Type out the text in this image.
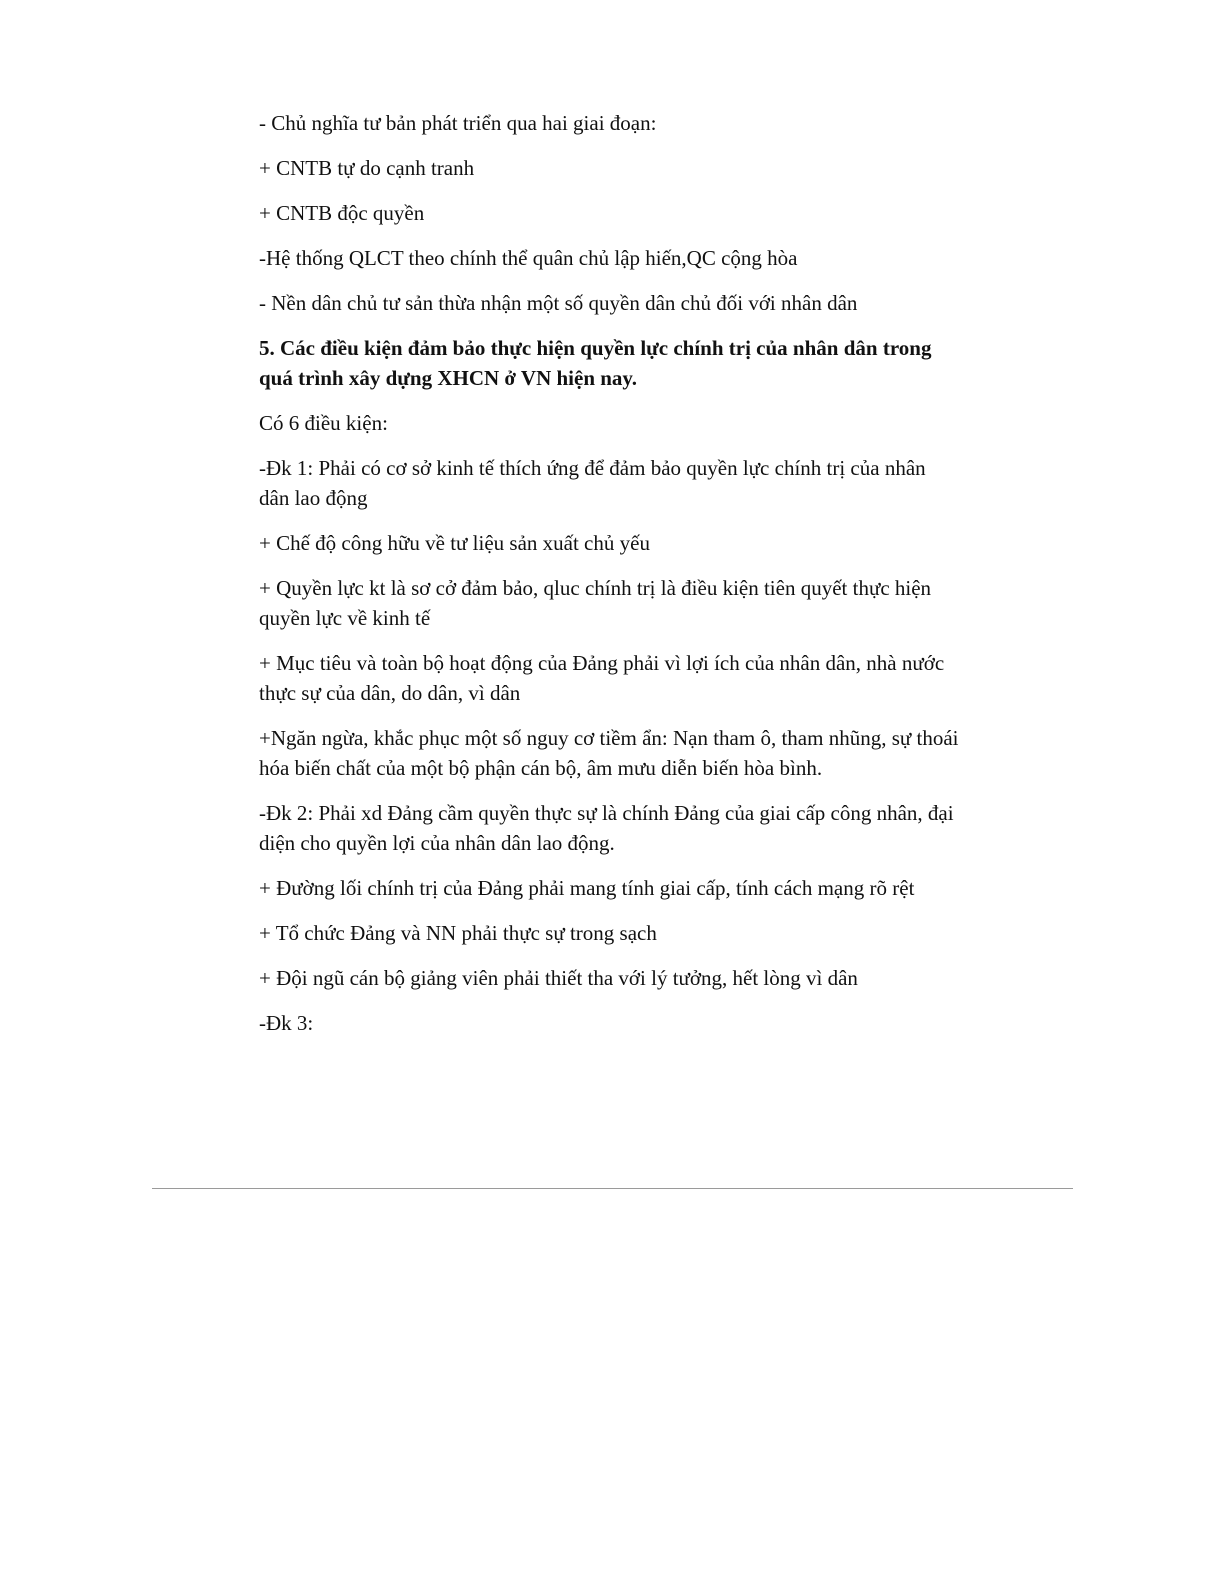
- Chủ nghĩa tư bản phát triển qua hai giai đoạn:

+ CNTB tự do cạnh tranh

+ CNTB độc quyền

-Hệ thống QLCT theo chính thể quân chủ lập hiến,QC cộng hòa

- Nền dân chủ tư sản thừa nhận một số quyền dân chủ đối với nhân dân

5. Các điều kiện đảm bảo thực hiện quyền lực chính trị của nhân dân trong quá trình xây dựng XHCN ở VN hiện nay.

Có 6 điều kiện:

-Đk 1: Phải có cơ sở kinh tế thích ứng để đảm bảo quyền lực chính trị của nhân dân lao động

+ Chế độ công hữu về tư liệu sản xuất chủ yếu

+ Quyền lực kt là sơ cở đảm bảo, qluc chính trị là điều kiện tiên quyết thực hiện quyền lực về kinh tế

+ Mục tiêu và toàn bộ hoạt động của Đảng phải vì lợi ích của nhân dân, nhà nước thực sự của dân, do dân, vì dân

+Ngăn ngừa, khắc phục một số nguy cơ tiềm ẩn: Nạn tham ô, tham nhũng, sự thoái hóa biến chất của một bộ phận cán bộ, âm mưu diễn biến hòa bình.

-Đk 2: Phải xd Đảng cầm quyền thực sự là chính Đảng của giai cấp công nhân, đại diện cho quyền lợi của nhân dân lao động.

+ Đường lối chính trị của Đảng phải mang tính giai cấp, tính cách mạng rõ rệt

+ Tổ chức Đảng và NN phải thực sự trong sạch

+ Đội ngũ cán bộ giảng viên phải thiết tha với lý tưởng, hết lòng vì dân

-Đk 3:
